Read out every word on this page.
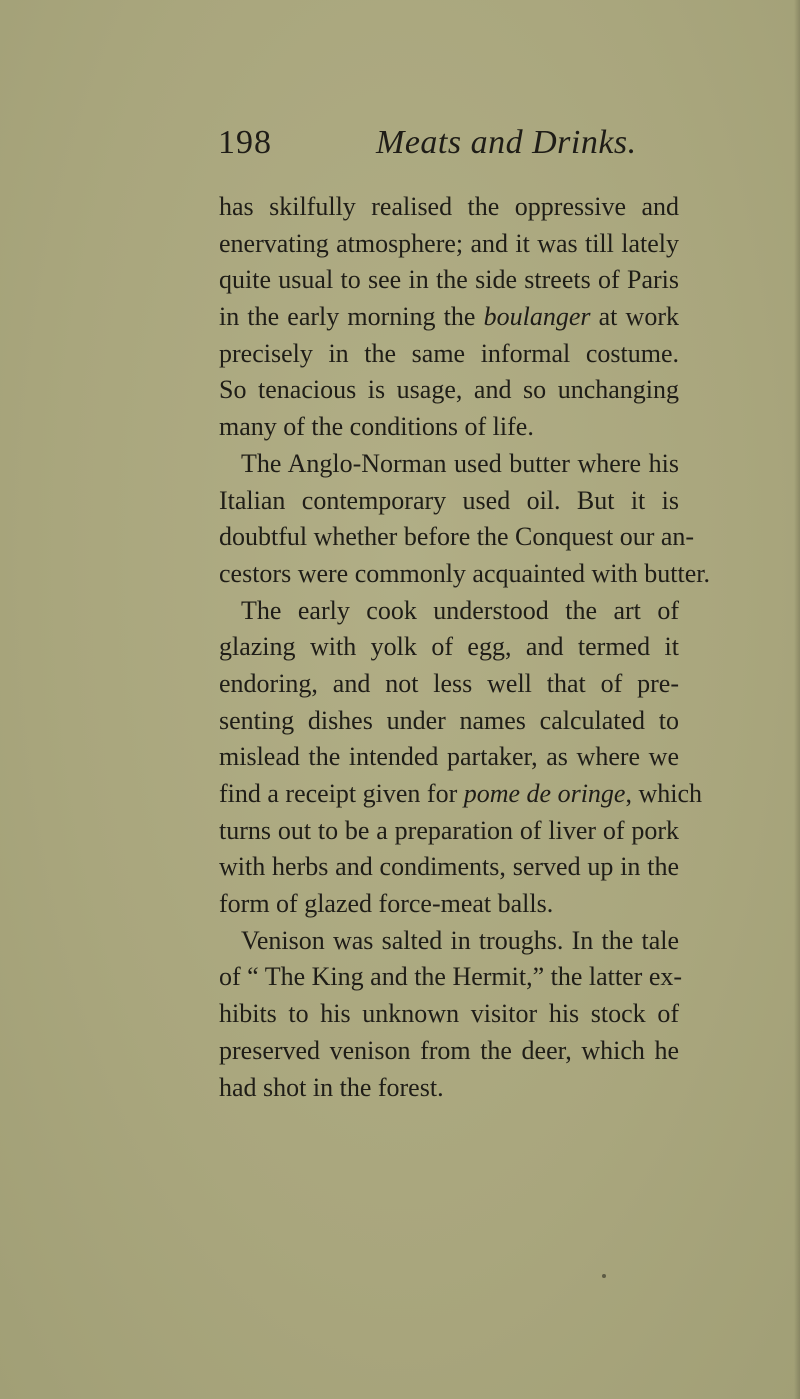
198	Meats and Drinks.
has skilfully realised the oppressive and
enervating atmosphere; and it was till lately
quite usual to see in the side streets of Paris
in the early morning the boulanger at work
precisely in the same informal costume.
So tenacious is usage, and so unchanging
many of the conditions of life.
The Anglo-Norman used butter where his
Italian contemporary used oil. But it is
doubtful whether before the Conquest our an-
cestors were commonly acquainted with butter.
The early cook understood the art of
glazing with yolk of egg, and termed it
endoring, and not less well that of pre-
senting dishes under names calculated to
mislead the intended partaker, as where we
find a receipt given for pome de oringe, which
turns out to be a preparation of liver of pork
with herbs and condiments, served up in the
form of glazed force-meat balls.
Venison was salted in troughs. In the tale
of “ The King and the Hermit,” the latter ex-
hibits to his unknown visitor his stock of
preserved venison from the deer, which he
had shot in the forest.
